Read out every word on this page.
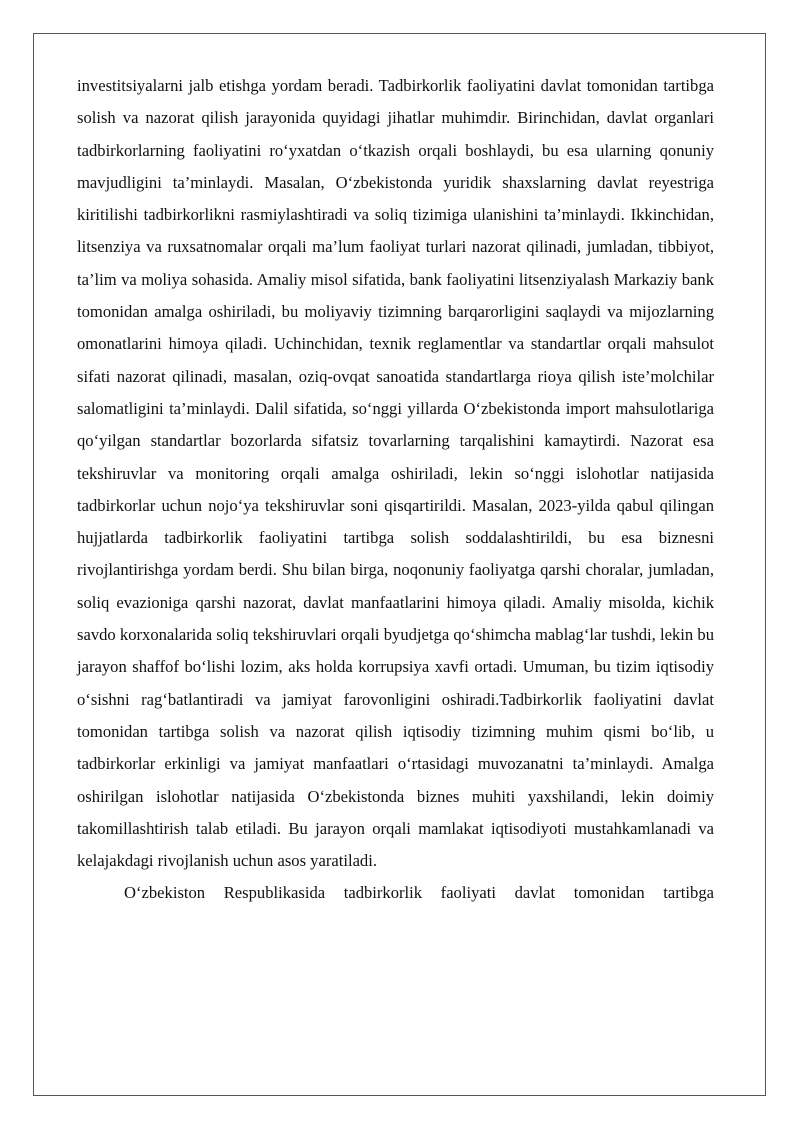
investitsiyalarni jalb etishga yordam beradi. Tadbirkorlik faoliyatini davlat tomonidan tartibga solish va nazorat qilish jarayonida quyidagi jihatlar muhimdir. Birinchidan, davlat organlari tadbirkorlarning faoliyatini ro‘yxatdan o‘tkazish orqali boshlaydi, bu esa ularning qonuniy mavjudligini ta’minlaydi. Masalan, O‘zbekistonda yuridik shaxslarning davlat reyestriga kiritilishi tadbirkorlikni rasmiylashtiradi va soliq tizimiga ulanishini ta’minlaydi. Ikkinchidan, litsenziya va ruxsatnomalar orqali ma’lum faoliyat turlari nazorat qilinadi, jumladan, tibbiyot, ta’lim va moliya sohasida. Amaliy misol sifatida, bank faoliyatini litsenziyalash Markaziy bank tomonidan amalga oshiriladi, bu moliyaviy tizimning barqarorligini saqlaydi va mijozlarning omonatlarini himoya qiladi. Uchinchidan, texnik reglamentlar va standartlar orqali mahsulot sifati nazorat qilinadi, masalan, oziq-ovqat sanoatida standartlarga rioya qilish iste’molchilar salomatligini ta’minlaydi. Dalil sifatida, so‘nggi yillarda O‘zbekistonda import mahsulotlariga qo‘yilgan standartlar bozorlarda sifatsiz tovarlarning tarqalishini kamaytirdi. Nazorat esa tekshiruvlar va monitoring orqali amalga oshiriladi, lekin so‘nggi islohotlar natijasida tadbirkorlar uchun nojo‘ya tekshiruvlar soni qisqartirildi. Masalan, 2023-yilda qabul qilingan hujjatlarda tadbirkorlik faoliyatini tartibga solish soddalashtirildi, bu esa biznesni rivojlantirishga yordam berdi. Shu bilan birga, noqonuniy faoliyatga qarshi choralar, jumladan, soliq evazioniga qarshi nazorat, davlat manfaatlarini himoya qiladi. Amaliy misolda, kichik savdo korxonalarida soliq tekshiruvlari orqali byudjetga qo‘shimcha mablag‘lar tushdi, lekin bu jarayon shaffof bo‘lishi lozim, aks holda korrupsiya xavfi ortadi. Umuman, bu tizim iqtisodiy o‘sishni rag‘batlantiradi va jamiyat farovonligini oshiradi.Tadbirkorlik faoliyatini davlat tomonidan tartibga solish va nazorat qilish iqtisodiy tizimning muhim qismi bo‘lib, u tadbirkorlar erkinligi va jamiyat manfaatlari o‘rtasidagi muvozanatni ta’minlaydi. Amalga oshirilgan islohotlar natijasida O‘zbekistonda biznes muhiti yaxshilandi, lekin doimiy takomillashtirish talab etiladi. Bu jarayon orqali mamlakat iqtisodiyoti mustahkamlanadi va kelajakdagi rivojlanish uchun asos yaratiladi.

O‘zbekiston Respublikasida tadbirkorlik faoliyati davlat tomonidan tartibga
